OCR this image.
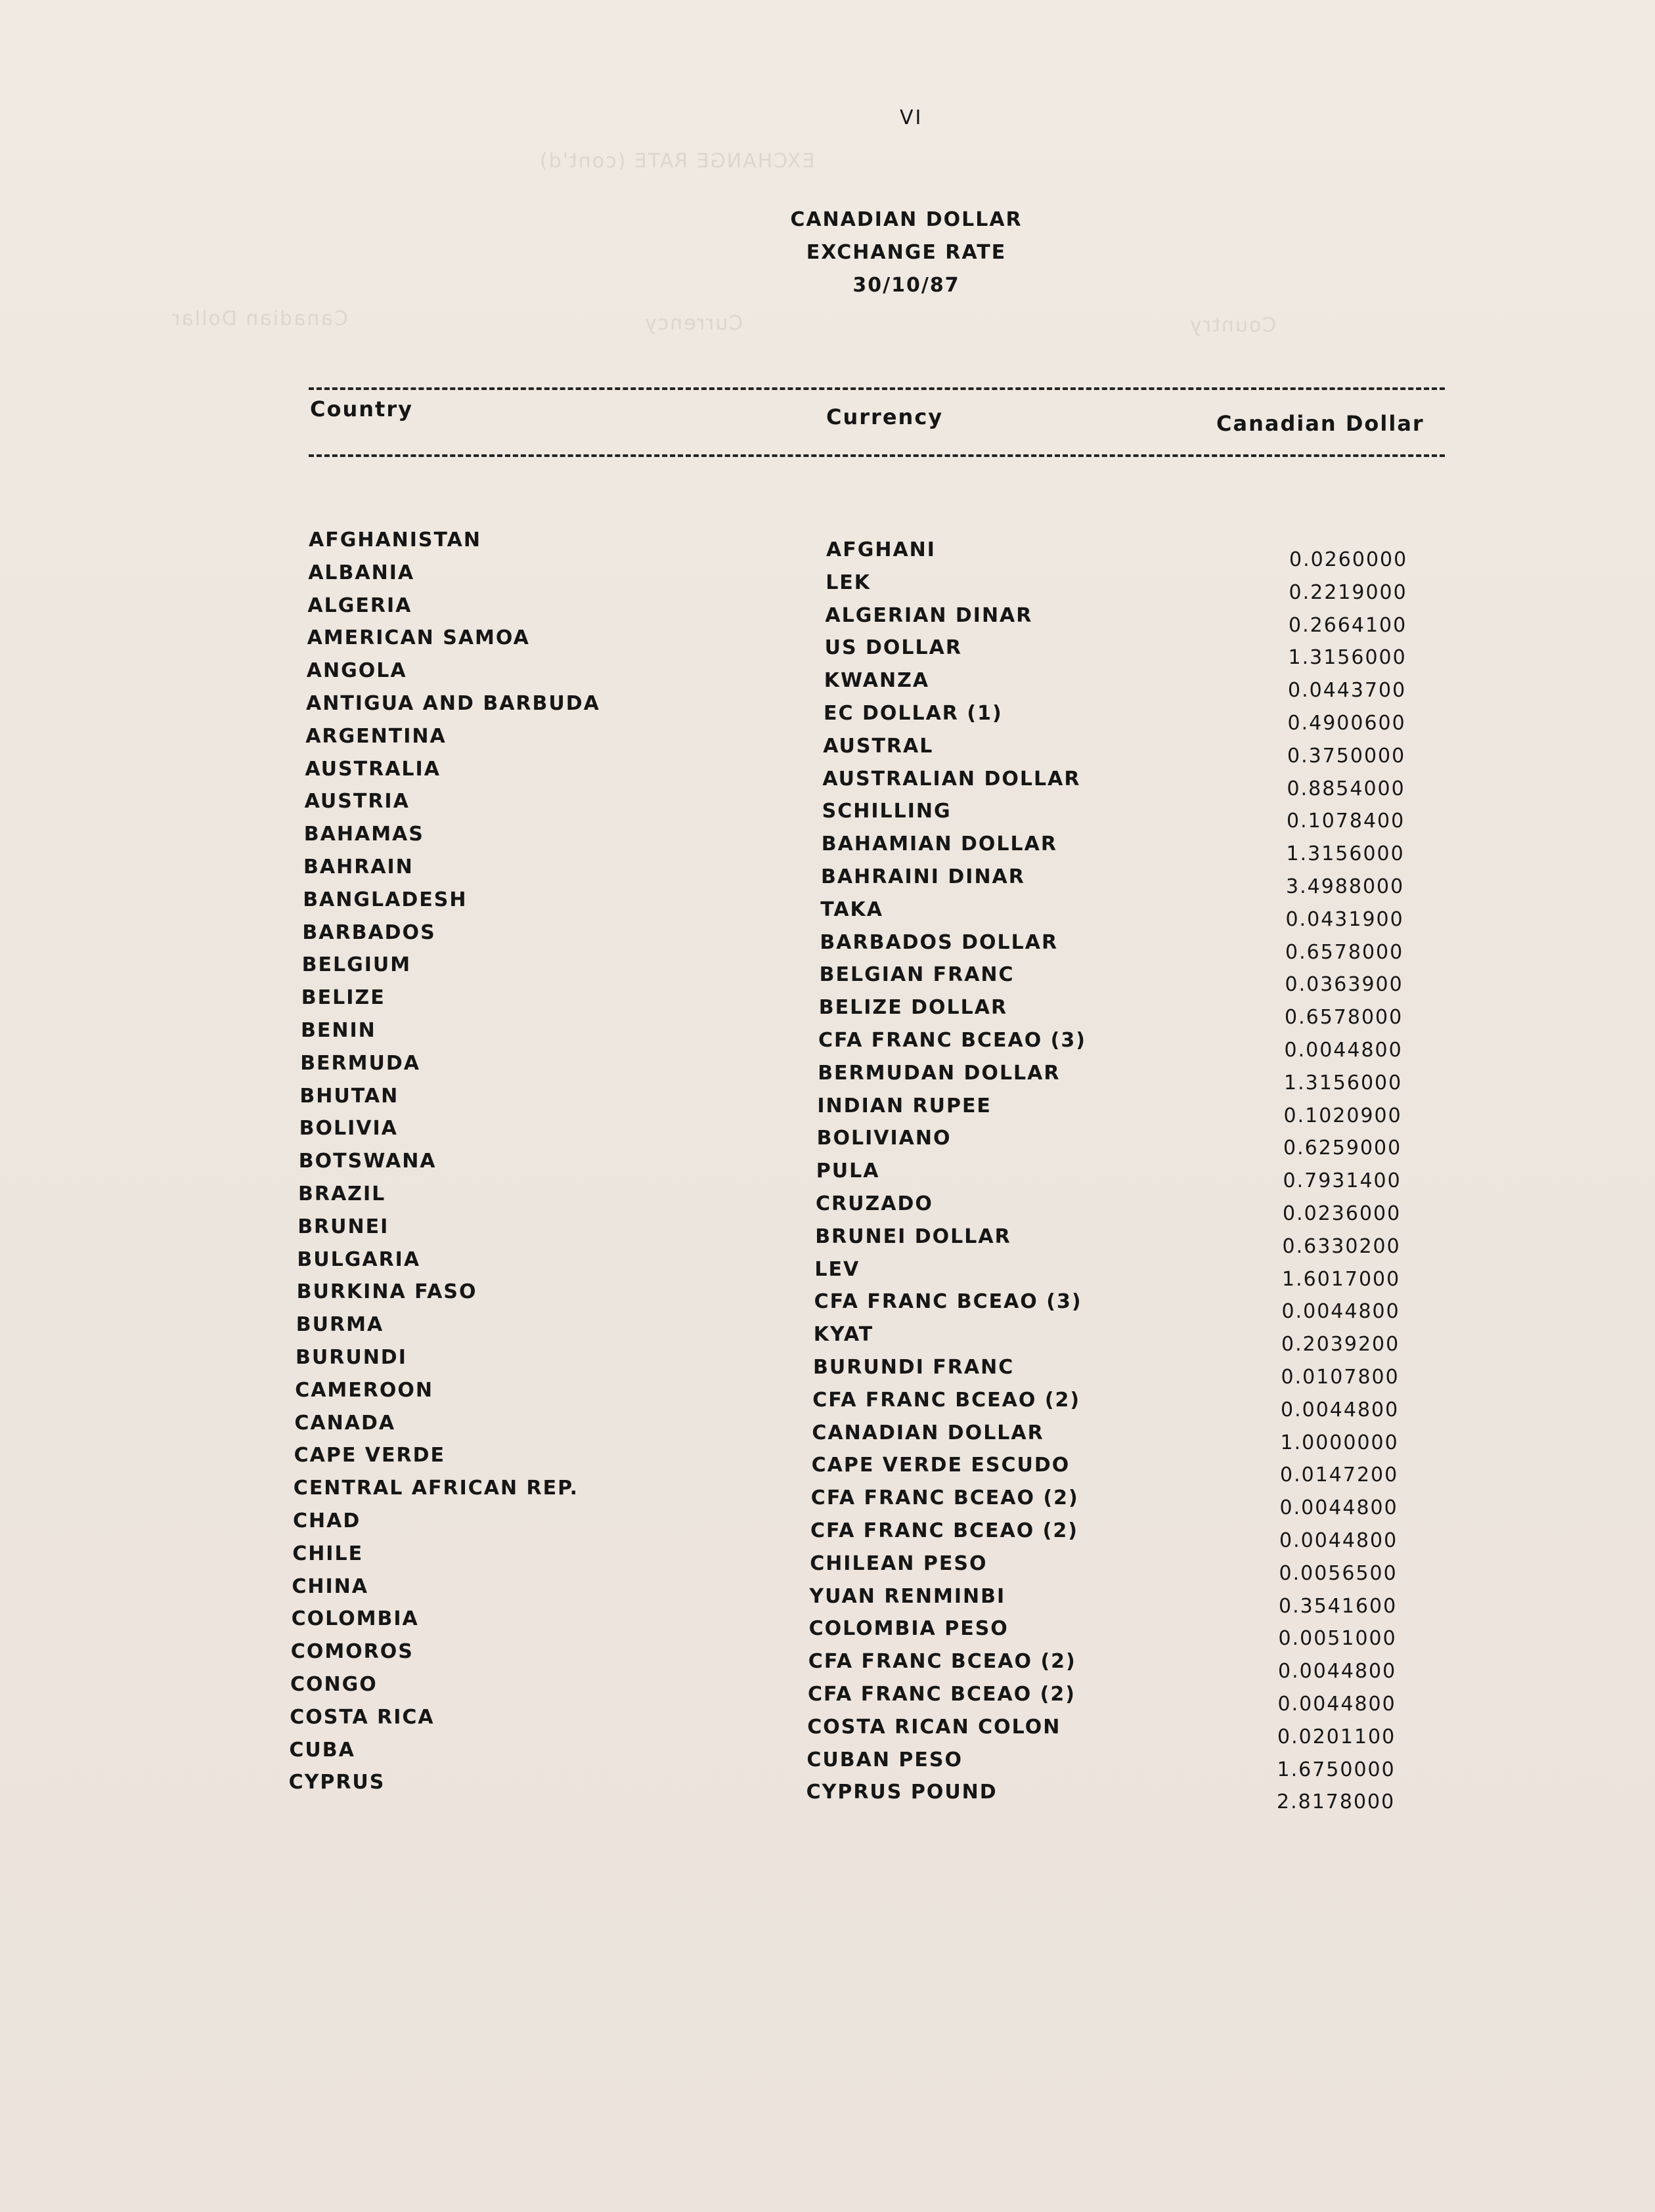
EXCHANGE RATE (cont'd)
Canadian Dollar	Currency	Country
VI
CANADIAN DOLLAR
EXCHANGE RATE
30/10/87
Country	Currency	Canadian Dollar
AFGHANISTAN	AFGHANI	0.0260000
ALBANIA	LEK	0.2219000
ALGERIA	ALGERIAN DINAR	0.2664100
AMERICAN SAMOA	US DOLLAR	1.3156000
ANGOLA	KWANZA	0.0443700
ANTIGUA AND BARBUDA	EC DOLLAR (1)	0.4900600
ARGENTINA	AUSTRAL	0.3750000
AUSTRALIA	AUSTRALIAN DOLLAR	0.8854000
AUSTRIA	SCHILLING	0.1078400
BAHAMAS	BAHAMIAN DOLLAR	1.3156000
BAHRAIN	BAHRAINI DINAR	3.4988000
BANGLADESH	TAKA	0.0431900
BARBADOS	BARBADOS DOLLAR	0.6578000
BELGIUM	BELGIAN FRANC	0.0363900
BELIZE	BELIZE DOLLAR	0.6578000
BENIN	CFA FRANC BCEAO (3)	0.0044800
BERMUDA	BERMUDAN DOLLAR	1.3156000
BHUTAN	INDIAN RUPEE	0.1020900
BOLIVIA	BOLIVIANO	0.6259000
BOTSWANA	PULA	0.7931400
BRAZIL	CRUZADO	0.0236000
BRUNEI	BRUNEI DOLLAR	0.6330200
BULGARIA	LEV	1.6017000
BURKINA FASO	CFA FRANC BCEAO (3)	0.0044800
BURMA	KYAT	0.2039200
BURUNDI	BURUNDI FRANC	0.0107800
CAMEROON	CFA FRANC BCEAO (2)	0.0044800
CANADA	CANADIAN DOLLAR	1.0000000
CAPE VERDE	CAPE VERDE ESCUDO	0.0147200
CENTRAL AFRICAN REP.	CFA FRANC BCEAO (2)	0.0044800
CHAD	CFA FRANC BCEAO (2)	0.0044800
CHILE	CHILEAN PESO	0.0056500
CHINA	YUAN RENMINBI	0.3541600
COLOMBIA	COLOMBIA PESO	0.0051000
COMOROS	CFA FRANC BCEAO (2)	0.0044800
CONGO	CFA FRANC BCEAO (2)	0.0044800
COSTA RICA	COSTA RICAN COLON	0.0201100
CUBA	CUBAN PESO	1.6750000
CYPRUS	CYPRUS POUND	2.8178000
